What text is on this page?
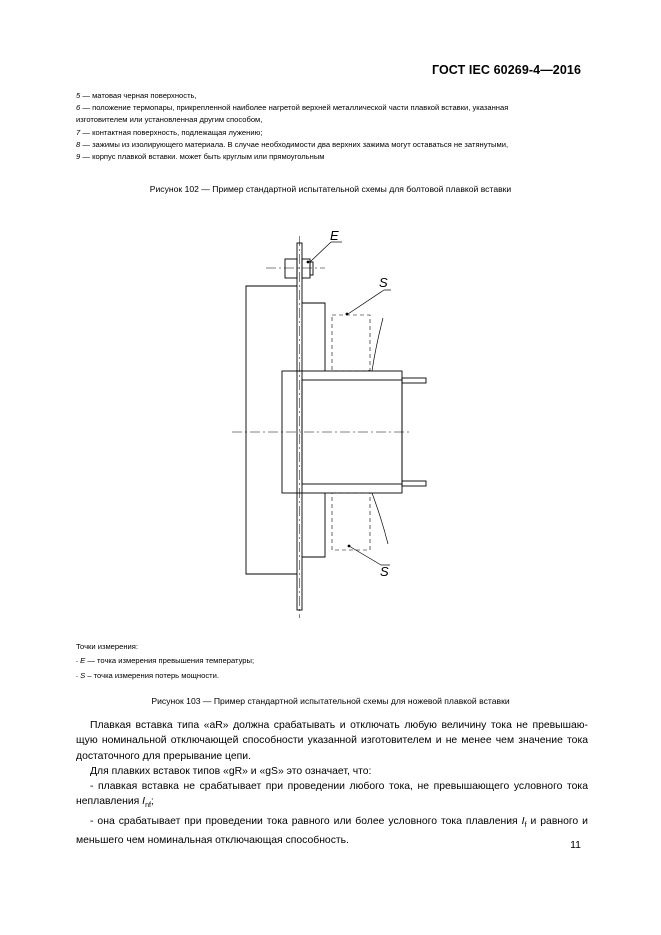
ГОСТ IEC 60269-4—2016
5 — матовая черная поверхность,
6 — положение термопары, прикрепленной наиболее нагретой верхней металлической части плавкой вставки, указанная
изготовителем или установленная другим способом,
7 — контактная поверхность, подлежащая лужению;
8 — зажимы из изолирующего материала. В случае необходимости два верхних зажима могут оставаться не затянутыми,
9 — корпус плавкой вставки. может быть круглым или прямоугольным
Рисунок 102 — Пример стандартной испытательной схемы для болтовой плавкой вставки
E
S
S
Точки измерения:
- E — точка измерения превышения температуры;
- S – точка измерения потерь мощности.
Рисунок 103 — Пример стандартной испытательной схемы для ножевой плавкой вставки

Плавкая вставка типа «aR» должна срабатывать и отключать любую величину тока не превышаю-щую номинальной отключающей способности указанной изготовителем и не менее чем значение тока достаточного для прерывание цепи.

Для плавких вставок типов «gR» и «gS» это означает, что:

- плавкая вставка не срабатывает при проведении любого тока, не превышающего условного тока неплавления $I_{nf}$;

- она срабатывает при проведении тока равного или более условного тока плавления $I_f$ и равного и меньшего чем номинальная отключающая способность.	11
